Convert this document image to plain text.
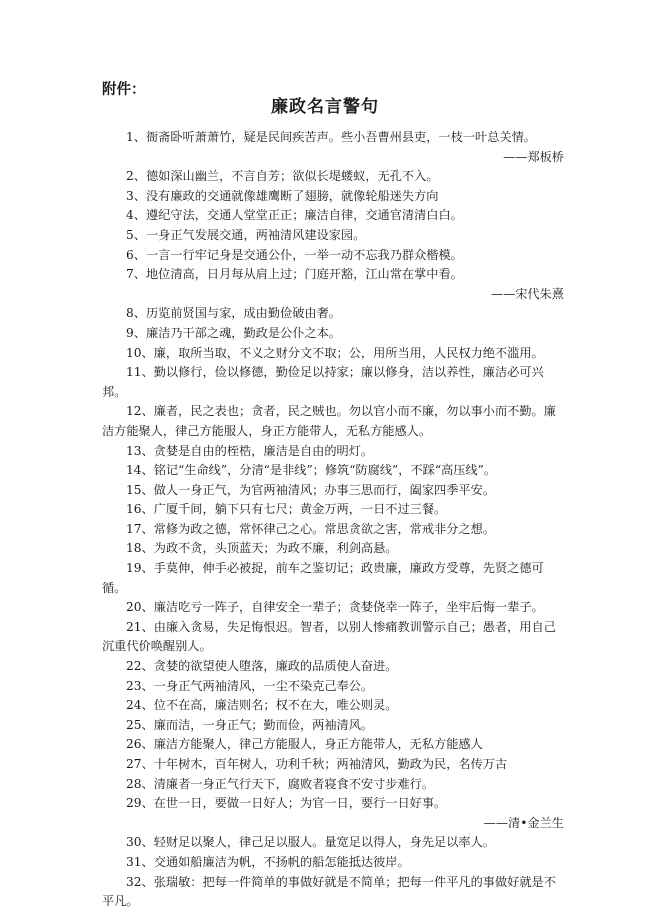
附件：
廉政名言警句
1、衙斋卧听萧萧竹，疑是民间疾苦声。些小吾曹州县吏，一枝一叶总关情。
——郑板桥
2、德如深山幽兰，不言自芳；欲似长堤蝼蚁，无孔不入。
3、没有廉政的交通就像雄鹰断了翅膀，就像轮船迷失方向
4、遵纪守法，交通人堂堂正正；廉洁自律，交通官清清白白。
5、一身正气发展交通，两袖清风建设家园。
6、一言一行牢记身是交通公仆，一举一动不忘我乃群众楷模。
7、地位清高，日月每从肩上过；门庭开豁，江山常在掌中看。
——宋代朱熹
8、历览前贤国与家，成由勤俭破由奢。
9、廉洁乃干部之魂，勤政是公仆之本。
10、廉，取所当取，不义之财分文不取；公，用所当用，人民权力绝不滥用。
11、勤以修行，俭以修德，勤俭足以持家；廉以修身，洁以养性，廉洁必可兴邦。
12、廉者，民之表也；贪者，民之贼也。勿以官小而不廉，勿以事小而不勤。廉洁方能聚人，律己方能服人，身正方能带人，无私方能感人。
13、贪婪是自由的桎梏，廉洁是自由的明灯。
14、铭记“生命线”，分清“是非线”；修筑“防腐线”，不踩“高压线”。
15、做人一身正气，为官两袖清风；办事三思而行，阖家四季平安。
16、广厦千间，躺下只有七尺；黄金万两，一日不过三餐。
17、常修为政之德，常怀律己之心。常思贪欲之害，常戒非分之想。
18、为政不贪，头顶蓝天；为政不廉，利剑高悬。
19、手莫伸，伸手必被捉，前车之鉴切记；政贵廉，廉政方受尊，先贤之德可循。
20、廉洁吃亏一阵子，自律安全一辈子；贪婪侥幸一阵子，坐牢后悔一辈子。
21、由廉入贪易，失足悔恨迟。智者，以别人惨痛教训警示自己；愚者，用自己沉重代价唤醒别人。
22、贪婪的欲望使人堕落，廉政的品质使人奋进。
23、一身正气两袖清风，一尘不染克己奉公。
24、位不在高，廉洁则名；权不在大，唯公则灵。
25、廉而洁，一身正气；勤而俭，两袖清风。
26、廉洁方能聚人，律己方能服人，身正方能带人，无私方能感人
27、十年树木，百年树人，功利千秋；两袖清风，勤政为民，名传万古
28、清廉者一身正气行天下，腐败者寝食不安寸步难行。
29、在世一日，要做一日好人；为官一日，要行一日好事。
——清•金兰生
30、轻财足以聚人，律己足以服人。量宽足以得人，身先足以率人。
31、交通如船廉洁为帆，不扬帆的船怎能抵达彼岸。
32、张瑞敏：把每一件简单的事做好就是不简单；把每一件平凡的事做好就是不平凡。
